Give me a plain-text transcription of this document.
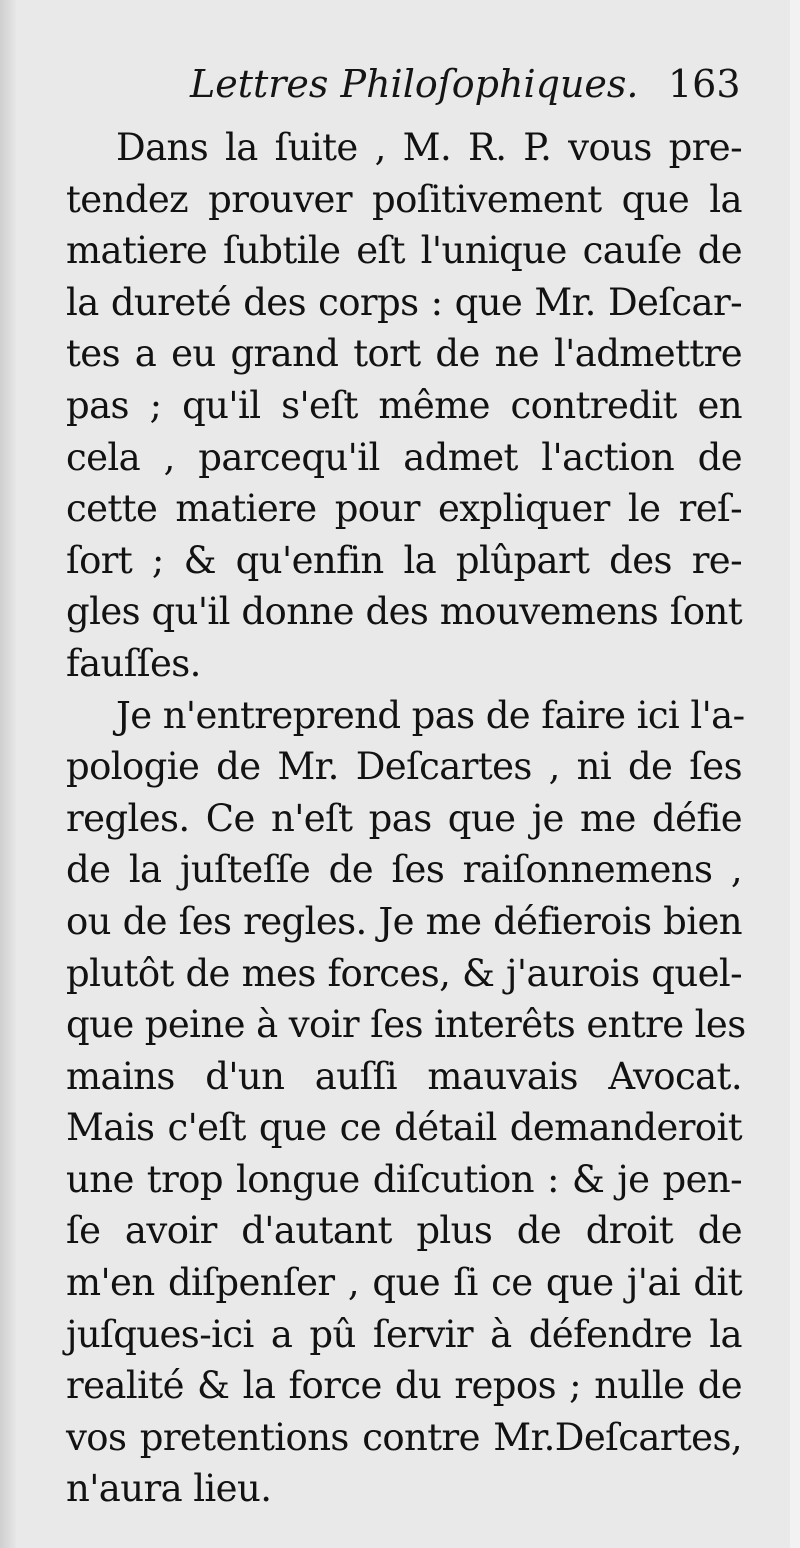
Lettres Philoſophiques. 163
Dans la ſuite , M. R. P. vous pre-
tendez prouver poſitivement que la
matiere ſubtile eſt l'unique cauſe de
la dureté des corps : que Mr. Deſcar-
tes a eu grand tort de ne l'admettre
pas ; qu'il s'eſt même contredit en
cela , parcequ'il admet l'action de
cette matiere pour expliquer le reſ-
ſort ; & qu'enfin la plûpart des re-
gles qu'il donne des mouvemens ſont
fauſſes.
Je n'entreprend pas de faire ici l'a-
pologie de Mr. Deſcartes , ni de ſes
regles. Ce n'eſt pas que je me défie
de la juſteſſe de ſes raiſonnemens ,
ou de ſes regles. Je me défierois bien
plutôt de mes forces, & j'aurois quel-
que peine à voir ſes interêts entre les
mains d'un auſſi mauvais Avocat.
Mais c'eſt que ce détail demanderoit
une trop longue diſcution : & je pen-
ſe avoir d'autant plus de droit de
m'en diſpenſer , que ſi ce que j'ai dit
juſques-ici a pû ſervir à défendre la
realité & la force du repos ; nulle de
vos pretentions contre Mr.Deſcartes,
n'aura lieu.
